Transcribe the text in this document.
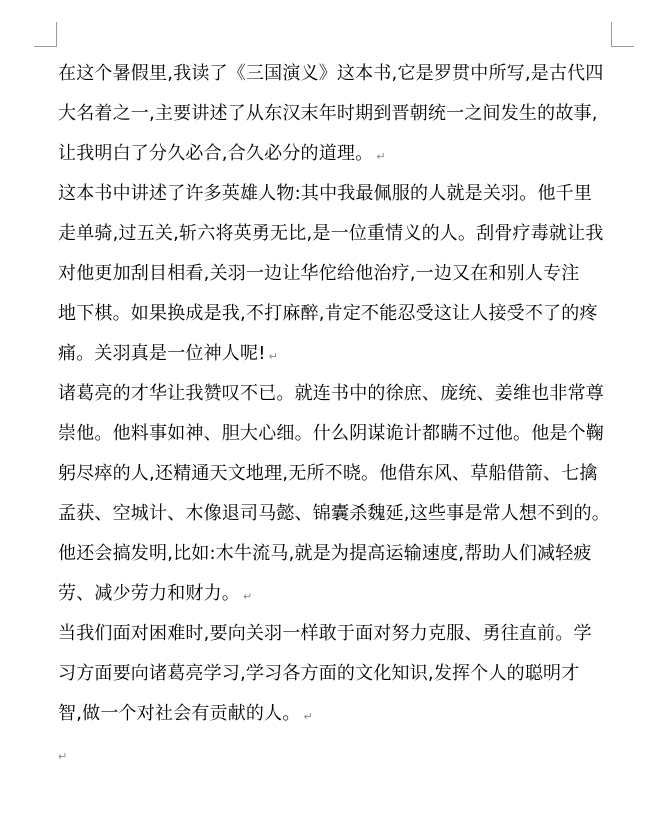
在这个暑假里,我读了《三国演义》这本书,它是罗贯中所写,是古代四
大名着之一,主要讲述了从东汉末年时期到晋朝统一之间发生的故事,
让我明白了分久必合,合久必分的道理。 ↵
这本书中讲述了许多英雄人物:其中我最佩服的人就是关羽。他千里
走单骑,过五关,斩六将英勇无比,是一位重情义的人。刮骨疗毒就让我
对他更加刮目相看,关羽一边让华佗给他治疗,一边又在和别人专注
地下棋。如果换成是我,不打麻醉,肯定不能忍受这让人接受不了的疼
痛。关羽真是一位神人呢! ↵
诸葛亮的才华让我赞叹不已。就连书中的徐庶、庞统、姜维也非常尊
崇他。他料事如神、胆大心细。什么阴谋诡计都瞒不过他。他是个鞠
躬尽瘁的人,还精通天文地理,无所不晓。他借东风、草船借箭、七擒
孟获、空城计、木像退司马懿、锦囊杀魏延,这些事是常人想不到的。
他还会搞发明,比如:木牛流马,就是为提高运输速度,帮助人们减轻疲
劳、减少劳力和财力。 ↵
当我们面对困难时,要向关羽一样敢于面对努力克服、勇往直前。学
习方面要向诸葛亮学习,学习各方面的文化知识,发挥个人的聪明才
智,做一个对社会有贡献的人。 ↵
↵
